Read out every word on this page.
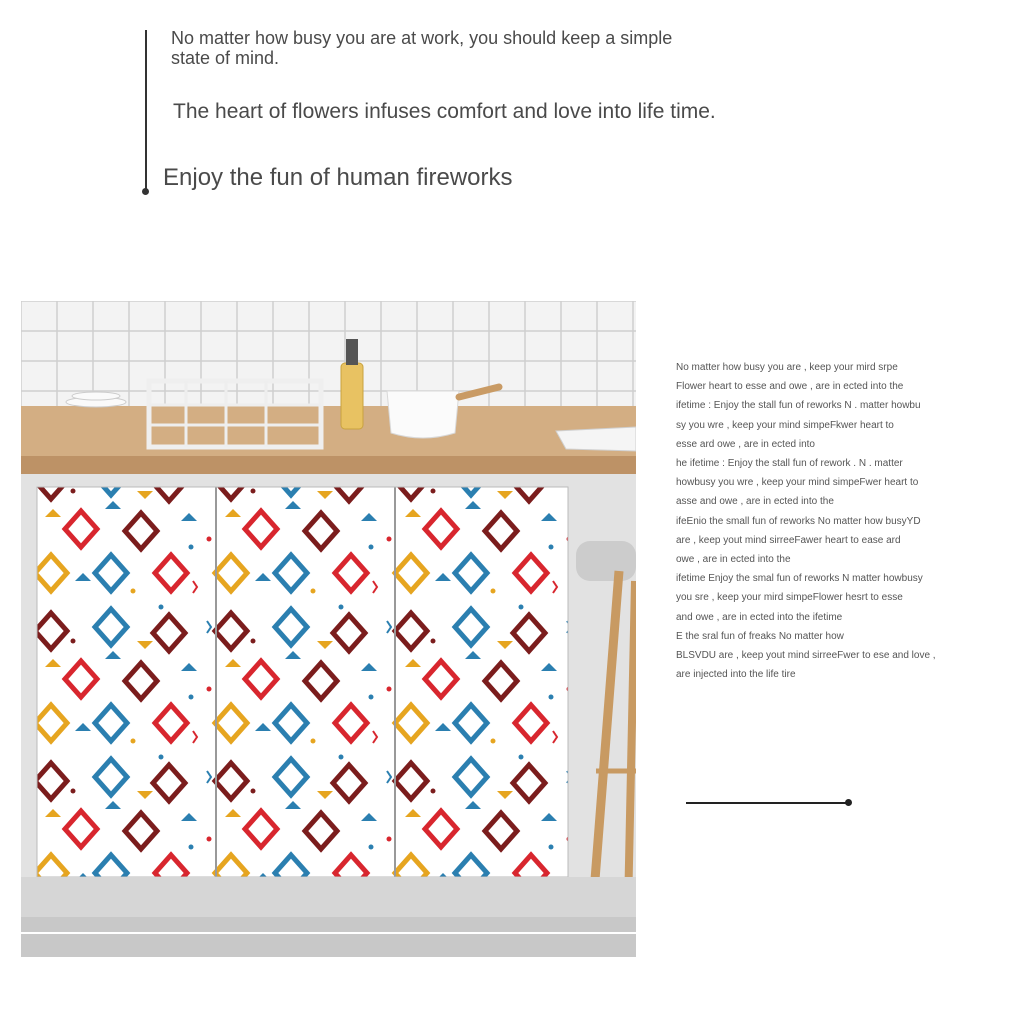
No matter how busy you are at work, you should keep a simple state of mind.
The heart of flowers infuses comfort and love into life time.
Enjoy the fun of human fireworks
No matter how busy you are , keep your mird srpe
Flower heart to esse and owe , are in ected into the
ifetime : Enjoy the stall fun of reworks N . matter howbu
sy you wre , keep your mind simpeFkwer heart to
esse ard owe , are in ected into
he ifetime : Enjoy the stall fun of rework . N . matter
howbusy you wre , keep your mind simpeFwer heart to
asse and owe , are in ected into the
ifeEnio the small fun of reworks No matter how busyYD
are , keep yout mind sirreeFawer heart to ease ard
owe , are in ected into the
ifetime Enjoy the smal fun of reworks N matter howbusy
you sre , keep your mird simpeFlower hesrt to esse
and owe , are in ected into the ifetime
E the sral fun of freaks No matter how
BLSVDU are , keep yout mind sirreeFwer to ese and love ,
are injected into the life tire
